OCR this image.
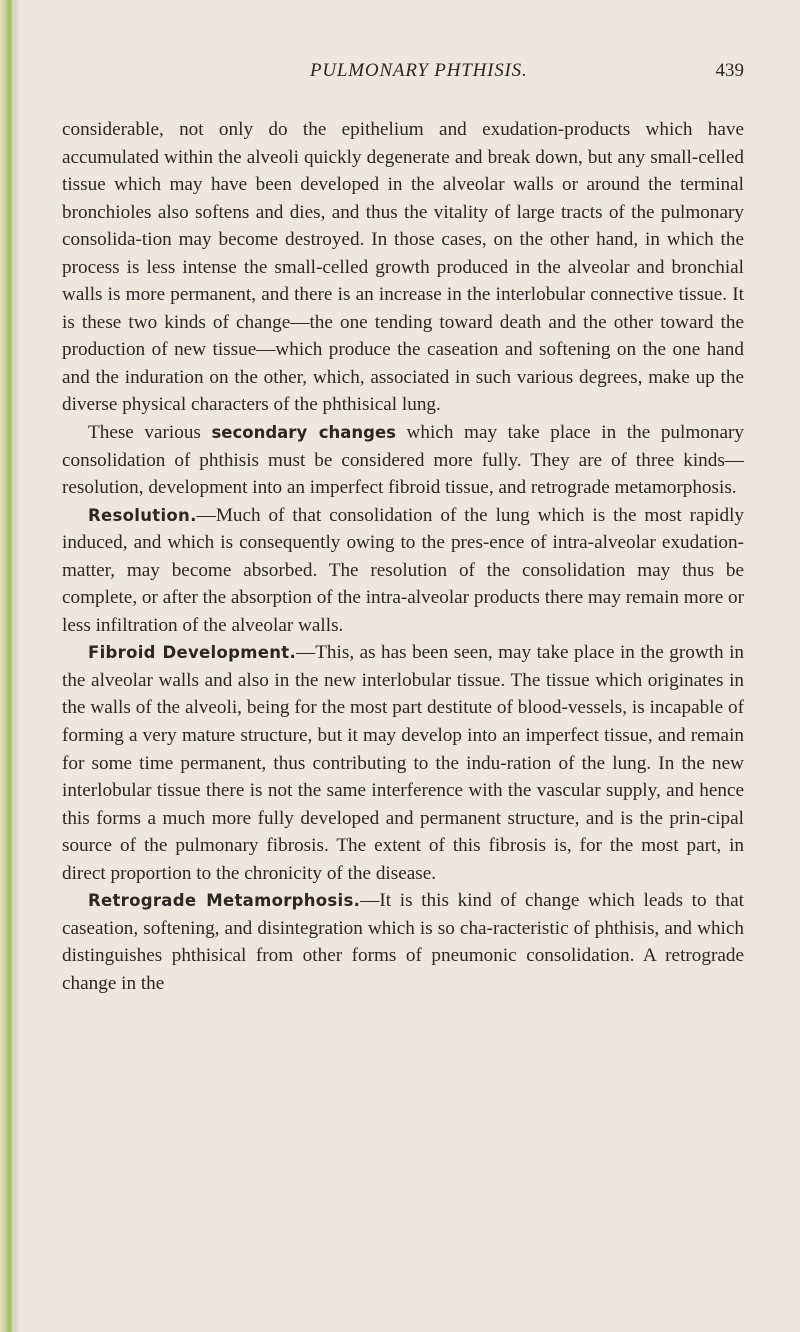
PULMONARY PHTHISIS.	439

considerable, not only do the epithelium and exudation-products which have accumulated within the alveoli quickly degenerate and break down, but any small-celled tissue which may have been developed in the alveolar walls or around the terminal bronchioles also softens and dies, and thus the vitality of large tracts of the pulmonary consolida-tion may become destroyed. In those cases, on the other hand, in which the process is less intense the small-celled growth produced in the alveolar and bronchial walls is more permanent, and there is an increase in the interlobular connective tissue. It is these two kinds of change—the one tending toward death and the other toward the production of new tissue—which produce the caseation and softening on the one hand and the induration on the other, which, associated in such various degrees, make up the diverse physical characters of the phthisical lung.

These various secondary changes which may take place in the pulmonary consolidation of phthisis must be considered more fully. They are of three kinds—resolution, development into an imperfect fibroid tissue, and retrograde metamorphosis.

Resolution.—Much of that consolidation of the lung which is the most rapidly induced, and which is consequently owing to the pres-ence of intra-alveolar exudation-matter, may become absorbed. The resolution of the consolidation may thus be complete, or after the absorption of the intra-alveolar products there may remain more or less infiltration of the alveolar walls.

Fibroid Development.—This, as has been seen, may take place in the growth in the alveolar walls and also in the new interlobular tissue. The tissue which originates in the walls of the alveoli, being for the most part destitute of blood-vessels, is incapable of forming a very mature structure, but it may develop into an imperfect tissue, and remain for some time permanent, thus contributing to the indu-ration of the lung. In the new interlobular tissue there is not the same interference with the vascular supply, and hence this forms a much more fully developed and permanent structure, and is the prin-cipal source of the pulmonary fibrosis. The extent of this fibrosis is, for the most part, in direct proportion to the chronicity of the disease.

Retrograde Metamorphosis.—It is this kind of change which leads to that caseation, softening, and disintegration which is so cha-racteristic of phthisis, and which distinguishes phthisical from other forms of pneumonic consolidation. A retrograde change in the
